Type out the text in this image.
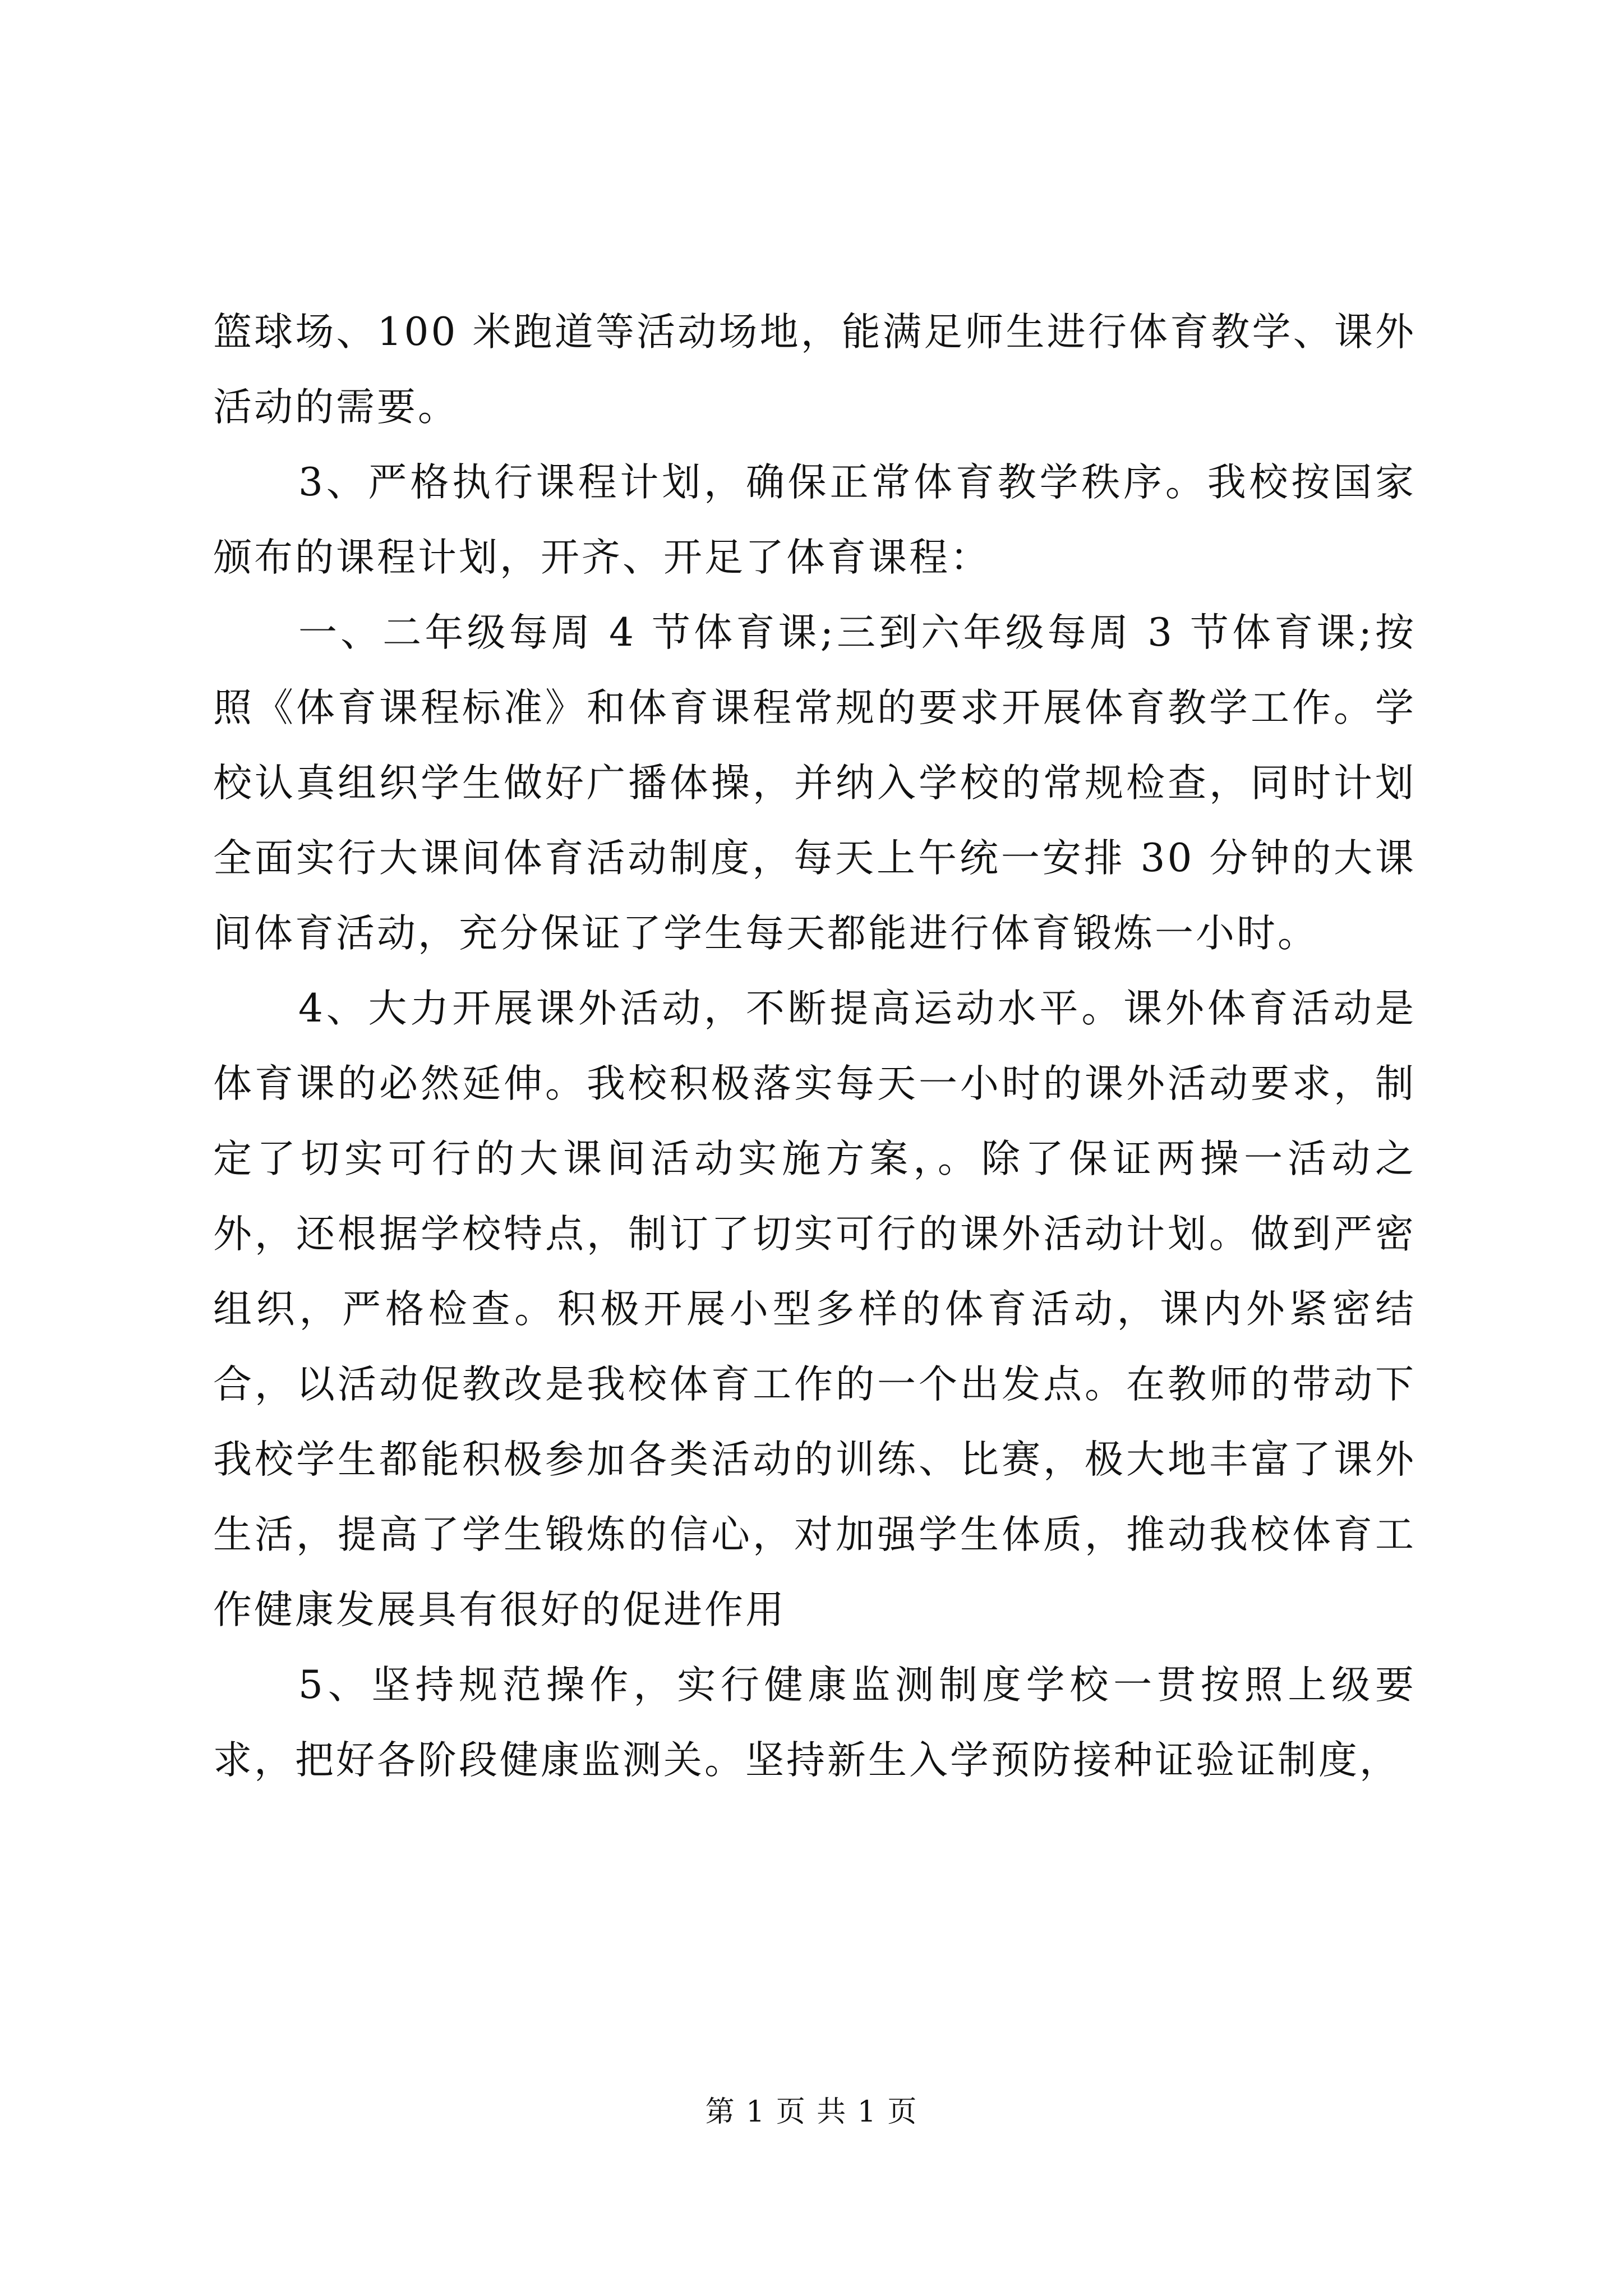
篮球场、100 米跑道等活动场地，能满足师生进行体育教学、课外活动的需要。

3、严格执行课程计划，确保正常体育教学秩序。我校按国家颁布的课程计划，开齐、开足了体育课程：

一、二年级每周 4 节体育课;三到六年级每周 3 节体育课;按照《体育课程标准》和体育课程常规的要求开展体育教学工作。学校认真组织学生做好广播体操，并纳入学校的常规检查，同时计划全面实行大课间体育活动制度，每天上午统一安排 30 分钟的大课间体育活动，充分保证了学生每天都能进行体育锻炼一小时。

4、大力开展课外活动，不断提高运动水平。课外体育活动是体育课的必然延伸。我校积极落实每天一小时的课外活动要求，制定了切实可行的大课间活动实施方案，。除了保证两操一活动之外，还根据学校特点，制订了切实可行的课外活动计划。做到严密组织，严格检查。积极开展小型多样的体育活动，课内外紧密结合，以活动促教改是我校体育工作的一个出发点。在教师的带动下我校学生都能积极参加各类活动的训练、比赛，极大地丰富了课外生活，提高了学生锻炼的信心，对加强学生体质，推动我校体育工作健康发展具有很好的促进作用

5、坚持规范操作，实行健康监测制度学校一贯按照上级要求，把好各阶段健康监测关。坚持新生入学预防接种证验证制度，

第 1 页 共 1 页
